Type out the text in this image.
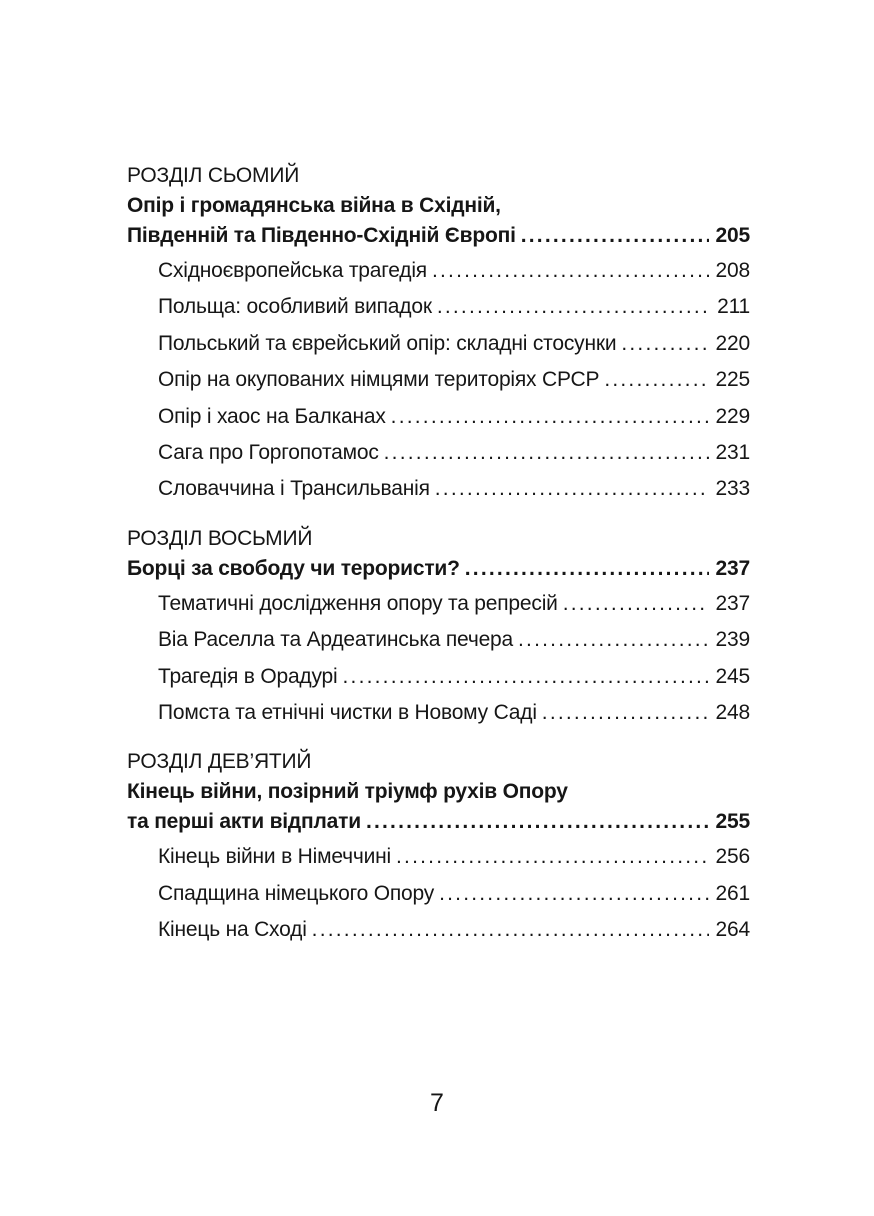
РОЗДІЛ СЬОМИЙ
Опір і громадянська війна в Східній,
Південній та Південно-Східній Європі .....	205
Східноєвропейська трагедія .....	208
Польща: особливий випадок .....	211
Польський та єврейський опір: складні стосунки .....	220
Опір на окупованих німцями територіях СРСР .....	225
Опір і хаос на Балканах .....	229
Сага про Горгопотамос .....	231
Словаччина і Трансильванія .....	233
РОЗДІЛ ВОСЬМИЙ
Борці за свободу чи терористи? .....	237
Тематичні дослідження опору та репресій .....	237
Віа Раселла та Ардеатинська печера .....	239
Трагедія в Орадурі .....	245
Помста та етнічні чистки в Новому Саді .....	248
РОЗДІЛ ДЕВ’ЯТИЙ
Кінець війни, позірний тріумф рухів Опору
та перші акти відплати .....	255
Кінець війни в Німеччині .....	256
Спадщина німецького Опору .....	261
Кінець на Сході .....	264
7
